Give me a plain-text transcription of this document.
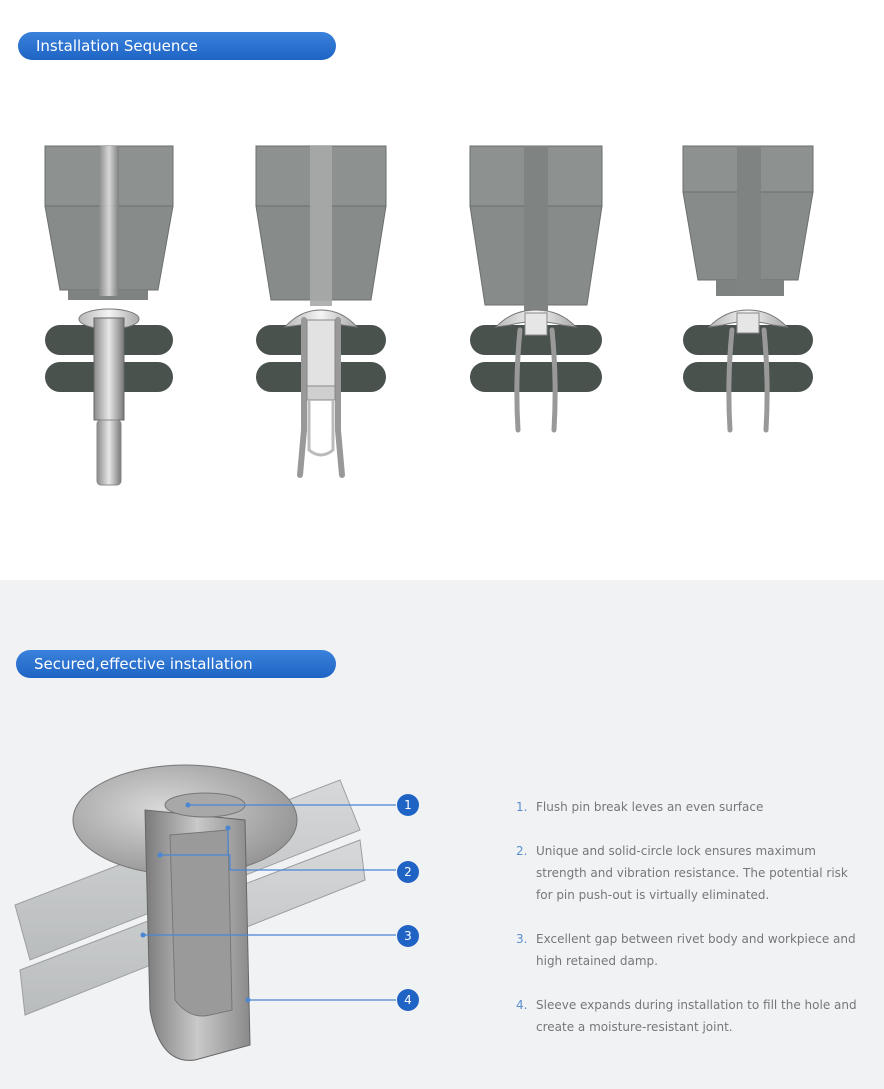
Installation Sequence
Secured,effective installation
1
2
3
4
1. Flush pin break leves an even surface
2. Unique and solid-circle lock ensures maximum strength and vibration resistance. The potential risk for pin push-out is virtually eliminated.
3. Excellent gap between rivet body and workpiece and high retained damp.
4. Sleeve expands during installation to fill the hole and create a moisture-resistant joint.
